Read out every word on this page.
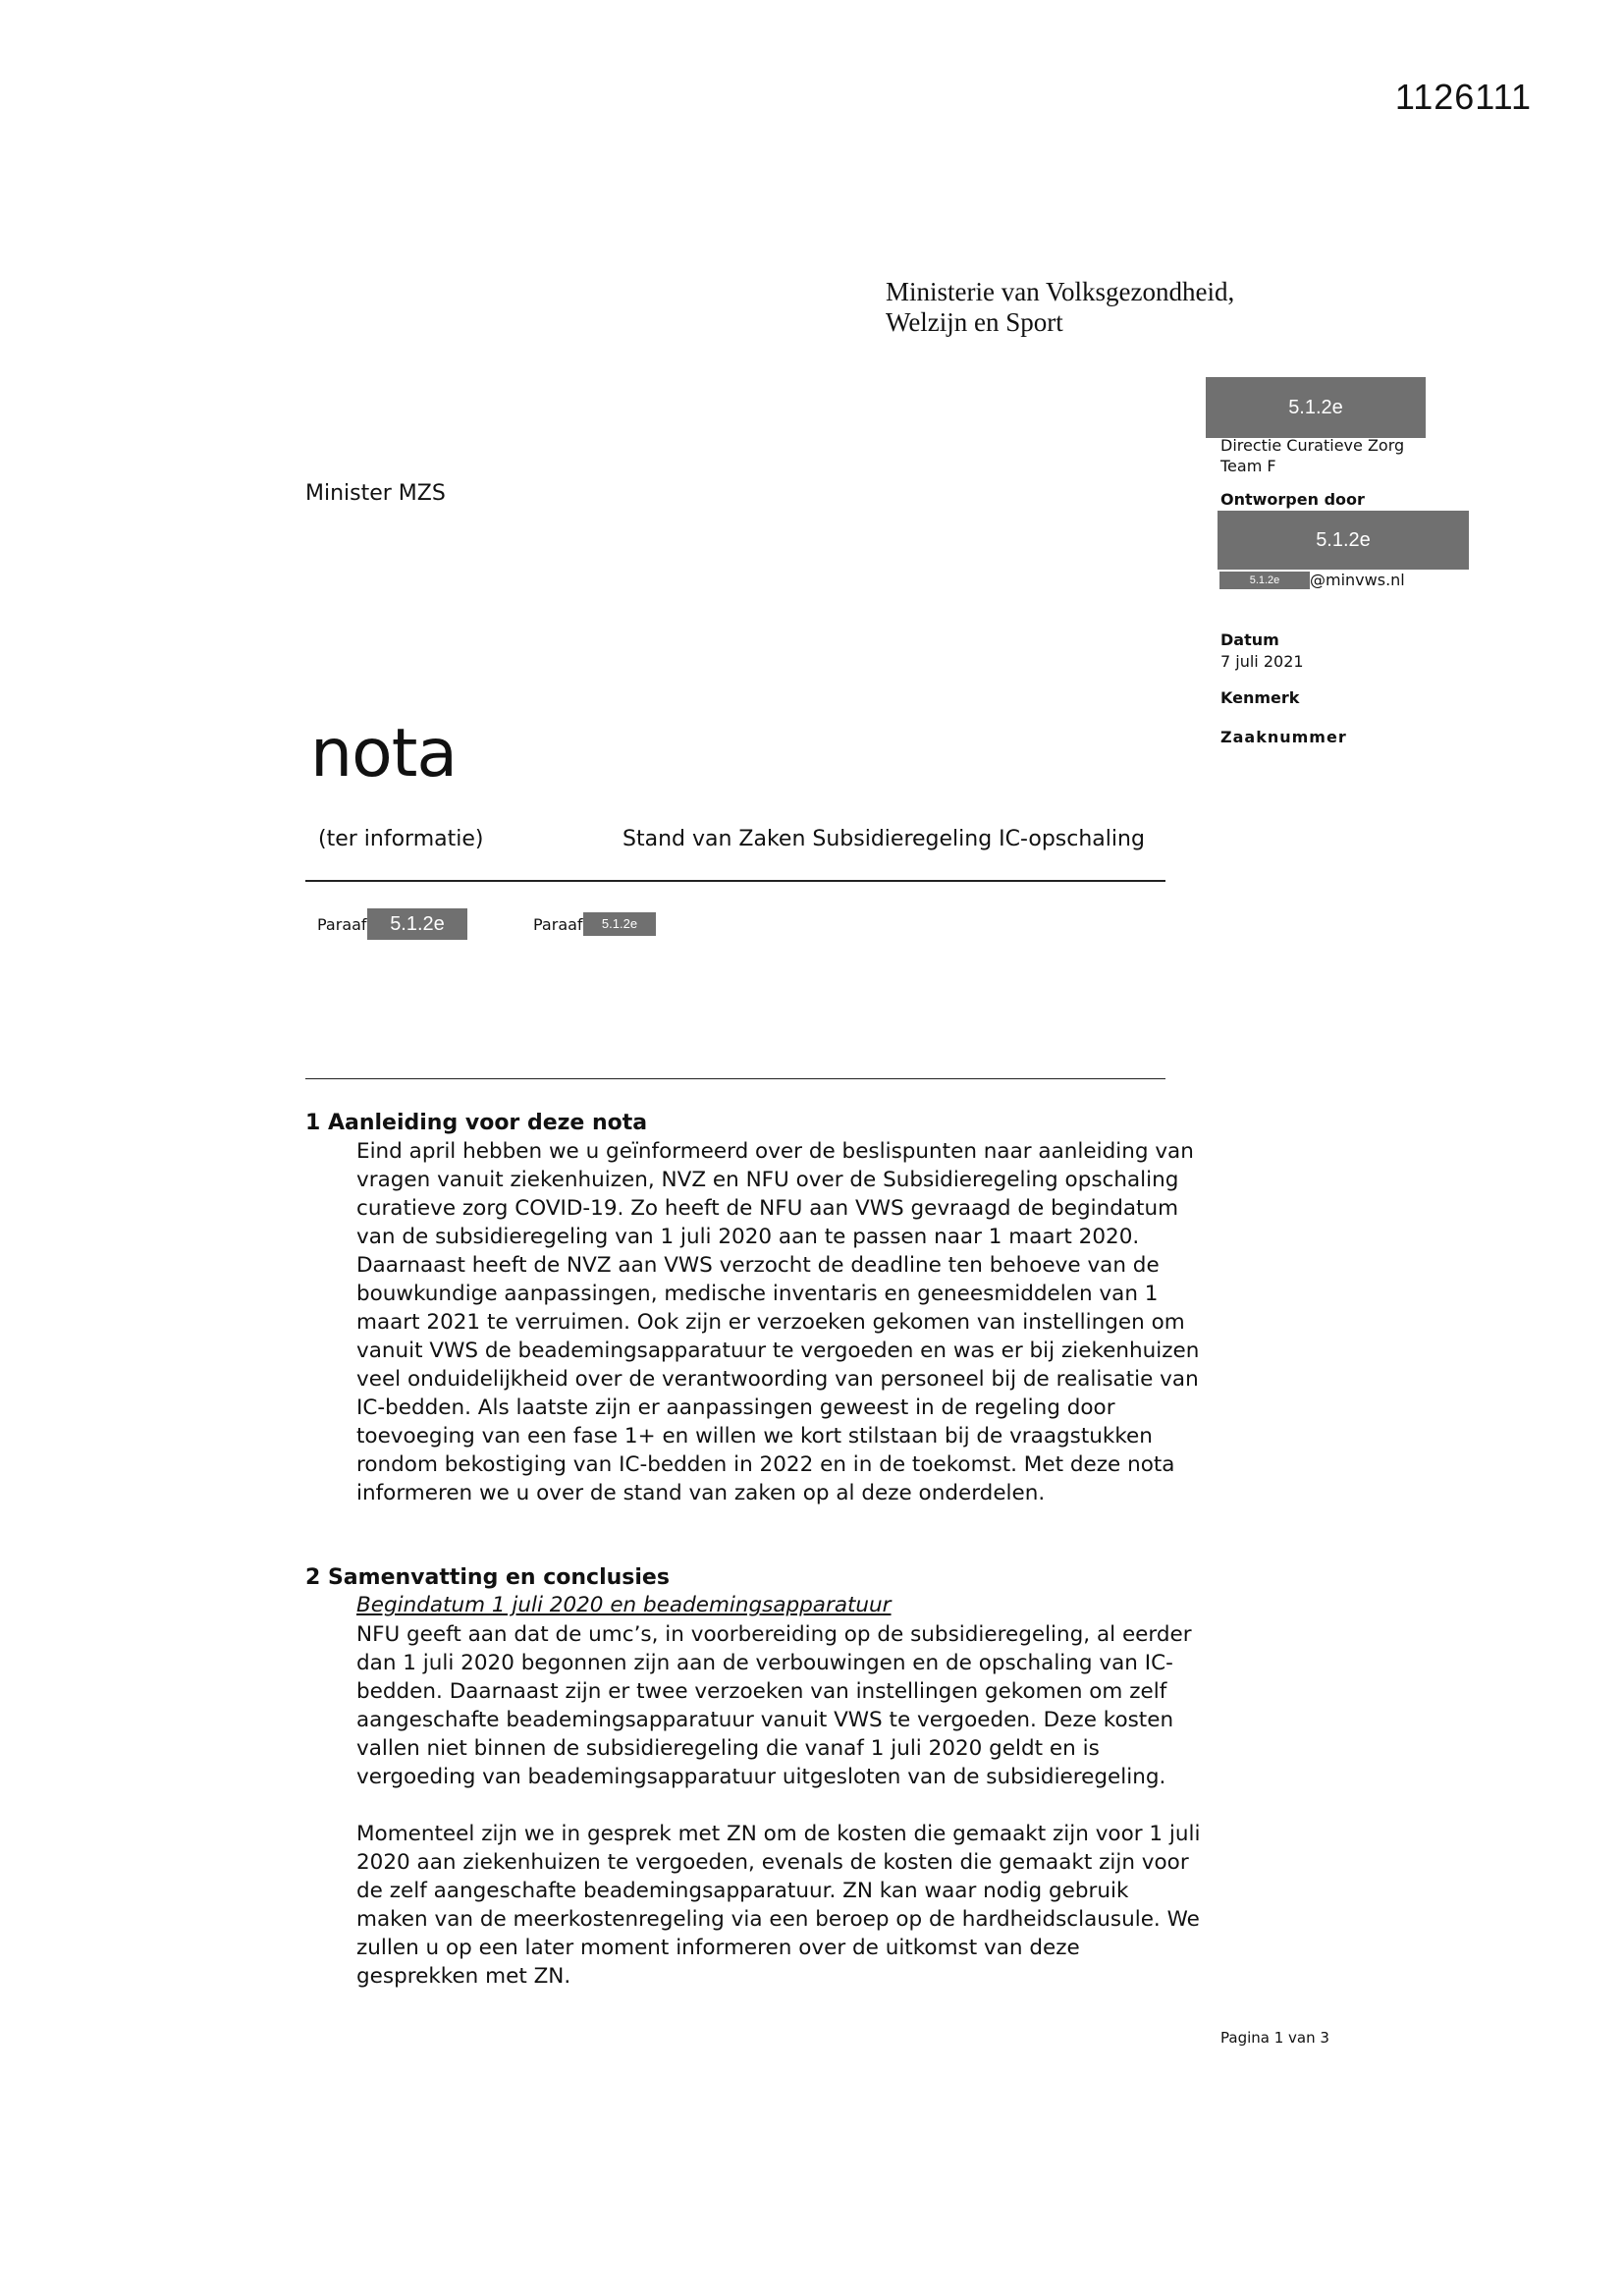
1126111
Ministerie van Volksgezondheid,
Welzijn en Sport
5.1.2e
Directie Curatieve Zorg
Team F
Ontworpen door
5.1.2e
5.1.2e	@minvws.nl
Datum
7 juli 2021
Kenmerk
Zaaknummer
Minister MZS
nota
(ter informatie)	Stand van Zaken Subsidieregeling IC-opschaling
Paraaf	5.1.2e	Paraaf	5.1.2e
1 Aanleiding voor deze nota

Eind april hebben we u geïnformeerd over de beslispunten naar aanleiding van vragen vanuit ziekenhuizen, NVZ en NFU over de Subsidieregeling opschaling curatieve zorg COVID-19. Zo heeft de NFU aan VWS gevraagd de begindatum van de subsidieregeling van 1 juli 2020 aan te passen naar 1 maart 2020. Daarnaast heeft de NVZ aan VWS verzocht de deadline ten behoeve van de bouwkundige aanpassingen, medische inventaris en geneesmiddelen van 1 maart 2021 te verruimen. Ook zijn er verzoeken gekomen van instellingen om vanuit VWS de beademingsapparatuur te vergoeden en was er bij ziekenhuizen veel onduidelijkheid over de verantwoording van personeel bij de realisatie van IC-bedden. Als laatste zijn er aanpassingen geweest in de regeling door toevoeging van een fase 1+ en willen we kort stilstaan bij de vraagstukken rondom bekostiging van IC-bedden in 2022 en in de toekomst. Met deze nota informeren we u over de stand van zaken op al deze onderdelen.

2 Samenvatting en conclusies
Begindatum 1 juli 2020 en beademingsapparatuur

NFU geeft aan dat de umc’s, in voorbereiding op de subsidieregeling, al eerder dan 1 juli 2020 begonnen zijn aan de verbouwingen en de opschaling van IC-bedden. Daarnaast zijn er twee verzoeken van instellingen gekomen om zelf aangeschafte beademingsapparatuur vanuit VWS te vergoeden. Deze kosten vallen niet binnen de subsidieregeling die vanaf 1 juli 2020 geldt en is vergoeding van beademingsapparatuur uitgesloten van de subsidieregeling.

Momenteel zijn we in gesprek met ZN om de kosten die gemaakt zijn voor 1 juli 2020 aan ziekenhuizen te vergoeden, evenals de kosten die gemaakt zijn voor de zelf aangeschafte beademingsapparatuur. ZN kan waar nodig gebruik maken van de meerkostenregeling via een beroep op de hardheidsclausule. We zullen u op een later moment informeren over de uitkomst van deze gesprekken met ZN.

Pagina 1 van 3
